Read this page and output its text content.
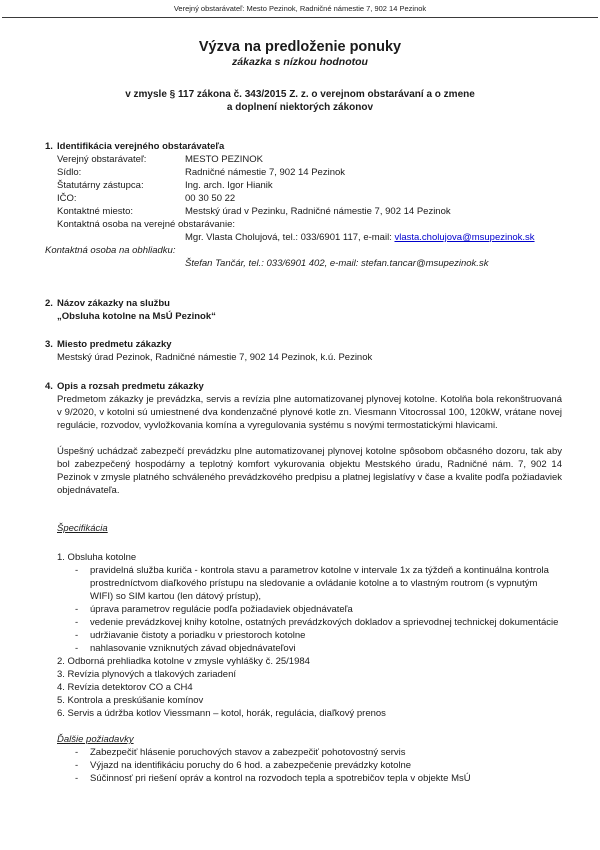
Verejný obstarávateľ: Mesto Pezinok, Radničné námestie 7, 902 14 Pezinok
Výzva na predloženie ponuky
zákazka s nízkou hodnotou
v zmysle § 117 zákona č. 343/2015 Z. z. o verejnom obstarávaní a o zmene
a doplnení niektorých zákonov
1. Identifikácia verejného obstarávateľa
Verejný obstarávateľ:	MESTO PEZINOK
Sídlo:	Radničné námestie 7, 902 14 Pezinok
Štatutárny zástupca:	Ing. arch. Igor Hianik
IČO:	00 30 50 22
Kontaktné miesto:	Mestský úrad v Pezinku, Radničné námestie 7, 902 14 Pezinok
Kontaktná osoba na verejné obstarávanie:
Mgr. Vlasta Cholujová, tel.: 033/6901 117, e-mail: vlasta.cholujova@msupezinok.sk
Kontaktná osoba na obhliadku:
Štefan Tančár, tel.: 033/6901 402, e-mail: stefan.tancar@msupezinok.sk
2. Názov zákazky na službu
„Obsluha kotolne na MsÚ Pezinok“
3. Miesto predmetu zákazky
Mestský úrad Pezinok, Radničné námestie 7, 902 14 Pezinok, k.ú. Pezinok
4. Opis a rozsah predmetu zákazky
Predmetom zákazky je prevádzka, servis a revízia plne automatizovanej plynovej kotolne. Kotolňa bola rekonštruovaná v 9/2020, v kotolni sú umiestnené dva kondenzačné plynové kotle zn. Viesmann Vitocrossal 100, 120kW, vrátane novej regulácie, rozvodov, vyvložkovania komína a vyregulovania systému s novými termostatickými hlavicami.
Úspešný uchádzač zabezpečí prevádzku plne automatizovanej plynovej kotolne spôsobom občasného dozoru, tak aby bol zabezpečený hospodárny a teplotný komfort vykurovania objektu Mestského úradu, Radničné nám. 7, 902 14 Pezinok v zmysle platného schváleného prevádzkového predpisu a platnej legislatívy v čase a kvalite podľa požiadaviek objednávateľa.
Špecifikácia
1. Obsluha kotolne
-	pravidelná služba kuriča - kontrola stavu a parametrov kotolne v intervale 1x za týždeň a kontinuálna kontrola prostredníctvom diaľkového prístupu na sledovanie a ovládanie kotolne a to vlastným routrom (s vypnutým WIFI) so SIM kartou (len dátový prístup),
-	úprava parametrov regulácie podľa požiadaviek objednávateľa
-	vedenie prevádzkovej knihy kotolne, ostatných prevádzkových dokladov a sprievodnej technickej dokumentácie
-	udržiavanie čistoty a poriadku v priestoroch kotolne
-	nahlasovanie vzniknutých závad objednávateľovi
2. Odborná prehliadka kotolne v zmysle vyhlášky č. 25/1984
3. Revízia plynových a tlakových zariadení
4. Revízia detektorov CO a CH4
5. Kontrola a preskúšanie komínov
6. Servis a údržba kotlov Viessmann – kotol, horák, regulácia, diaľkový prenos
Ďalšie požiadavky
-	Zabezpečiť hlásenie poruchových stavov a zabezpečiť pohotovostný servis
-	Výjazd na identifikáciu poruchy do 6 hod. a zabezpečenie prevádzky kotolne
-	Súčinnosť pri riešení opráv a kontrol na rozvodoch tepla a spotrebičov tepla v objekte MsÚ
